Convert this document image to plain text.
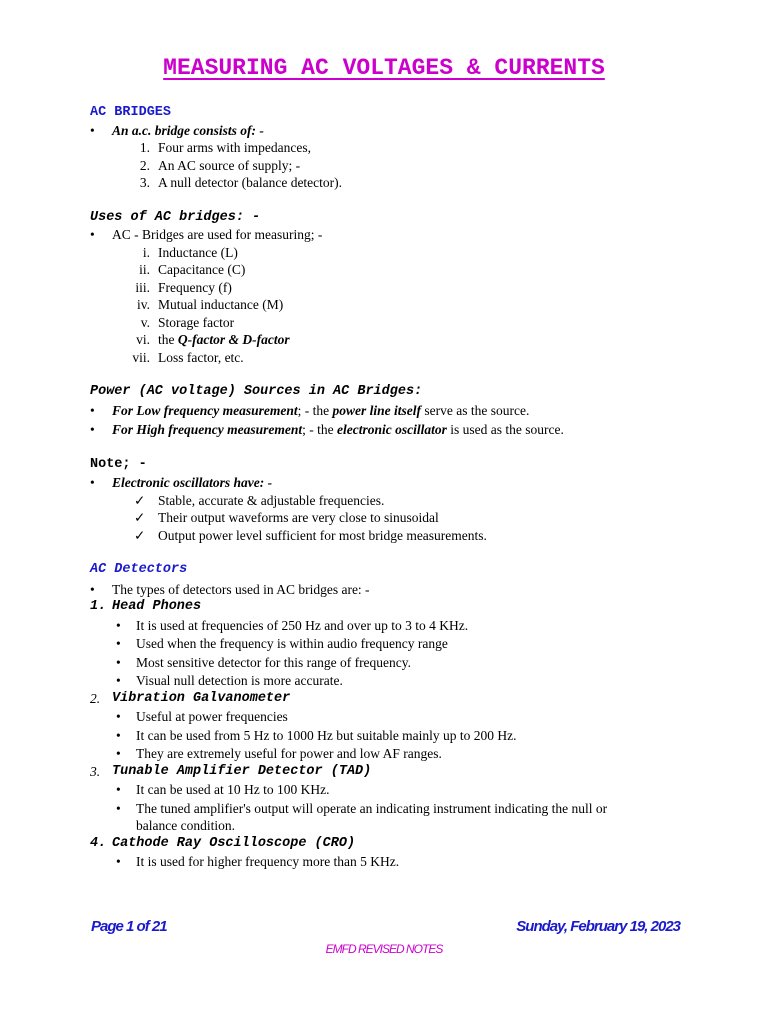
MEASURING AC VOLTAGES & CURRENTS
AC BRIDGES
• An a.c. bridge consists of: -
1. Four arms with impedances,
2. An AC source of supply; -
3. A null detector (balance detector).
Uses of AC bridges: -
• AC - Bridges are used for measuring; -
i. Inductance (L)
ii. Capacitance (C)
iii. Frequency (f)
iv. Mutual inductance (M)
v. Storage factor
vi. the Q-factor & D-factor
vii. Loss factor, etc.
Power (AC voltage) Sources in AC Bridges:
• For Low frequency measurement; - the power line itself serve as the source.
• For High frequency measurement; - the electronic oscillator is used as the source.
Note; -
• Electronic oscillators have: -
✓ Stable, accurate & adjustable frequencies.
✓ Their output waveforms are very close to sinusoidal
✓ Output power level sufficient for most bridge measurements.
AC Detectors
• The types of detectors used in AC bridges are: -
1. Head Phones
• It is used at frequencies of 250 Hz and over up to 3 to 4 KHz.
• Used when the frequency is within audio frequency range
• Most sensitive detector for this range of frequency.
• Visual null detection is more accurate.
2. Vibration Galvanometer
• Useful at power frequencies
• It can be used from 5 Hz to 1000 Hz but suitable mainly up to 200 Hz.
• They are extremely useful for power and low AF ranges.
3. Tunable Amplifier Detector (TAD)
• It can be used at 10 Hz to 100 KHz.
• The tuned amplifier's output will operate an indicating instrument indicating the null or
balance condition.
4. Cathode Ray Oscilloscope (CRO)
• It is used for higher frequency more than 5 KHz.
Page 1 of 21	Sunday, February 19, 2023
EMFD REVISED NOTES
